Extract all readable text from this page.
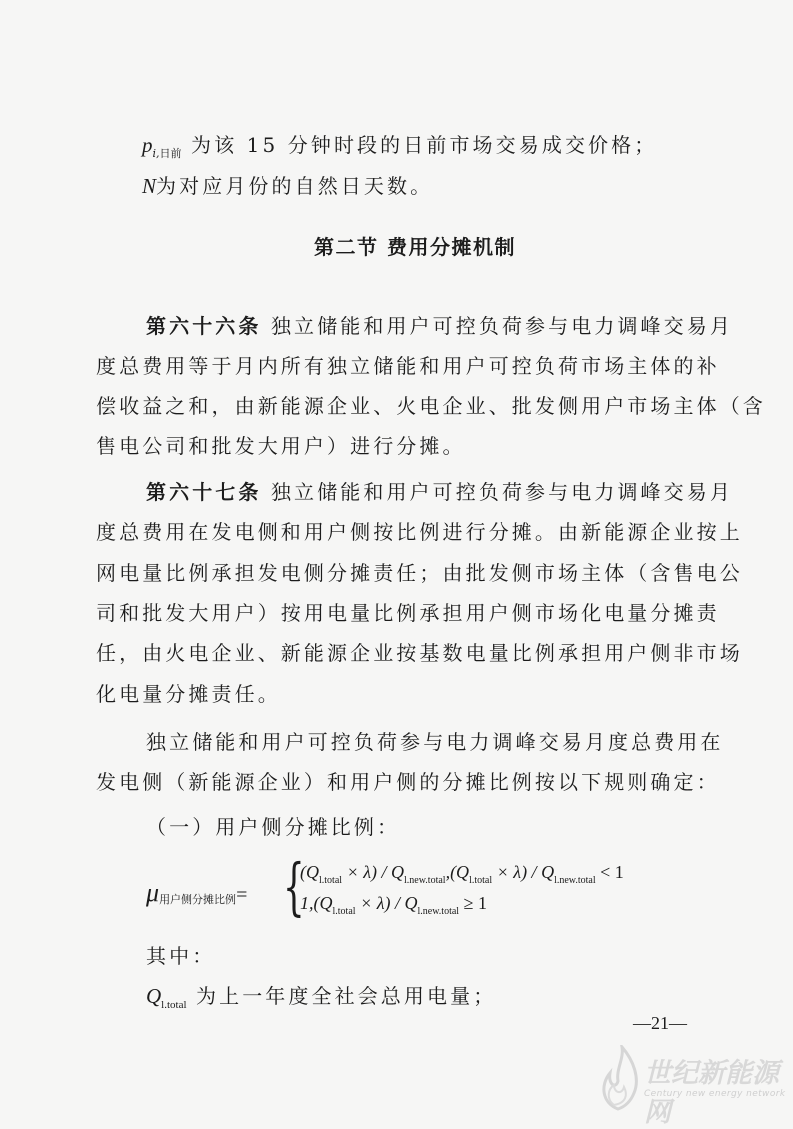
$p_{i,日前}$ 为该 15 分钟时段的日前市场交易成交价格；
N为对应月份的自然日天数。
第二节 费用分摊机制
第六十六条 独立储能和用户可控负荷参与电力调峰交易月
度总费用等于月内所有独立储能和用户可控负荷市场主体的补
偿收益之和，由新能源企业、火电企业、批发侧用户市场主体（含
售电公司和批发大用户）进行分摊。
第六十七条 独立储能和用户可控负荷参与电力调峰交易月
度总费用在发电侧和用户侧按比例进行分摊。由新能源企业按上
网电量比例承担发电侧分摊责任；由批发侧市场主体（含售电公
司和批发大用户）按用电量比例承担用户侧市场化电量分摊责
任，由火电企业、新能源企业按基数电量比例承担用户侧非市场
化电量分摊责任。
独立储能和用户可控负荷参与电力调峰交易月度总费用在
发电侧（新能源企业）和用户侧的分摊比例按以下规则确定：
（一）用户侧分摊比例：
μ用户侧分摊比例= {
$(Q_{l.total} \times \lambda) / Q_{l.new.total},(Q_{l.total} \times \lambda) / Q_{l.new.total} < 1$
$1,(Q_{l.total} \times \lambda) / Q_{l.new.total} \ge 1$
其中：
$Q_{l.total}$ 为上一年度全社会总用电量；
—21—
世纪新能源网
Century new energy network
